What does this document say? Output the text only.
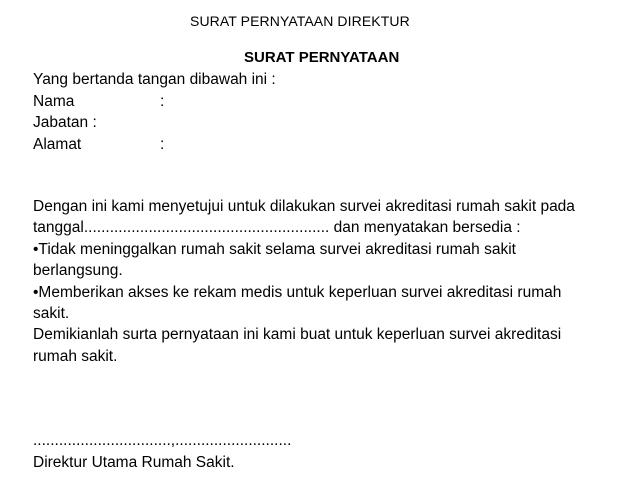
SURAT PERNYATAAN DIREKTUR
SURAT PERNYATAAN
Yang bertanda tangan dibawah ini :
Nama	:
Jabatan :
Alamat	:
Dengan ini kami menyetujui untuk dilakukan survei akreditasi rumah sakit pada
tanggal......................................................... dan menyatakan bersedia :
•Tidak meninggalkan rumah sakit selama survei akreditasi rumah sakit
berlangsung.
•Memberikan akses ke rekam medis untuk keperluan survei akreditasi rumah
sakit.
Demikianlah surta pernyataan ini kami buat untuk keperluan survei akreditasi
rumah sakit.
................................,...........................
Direktur Utama Rumah Sakit.
